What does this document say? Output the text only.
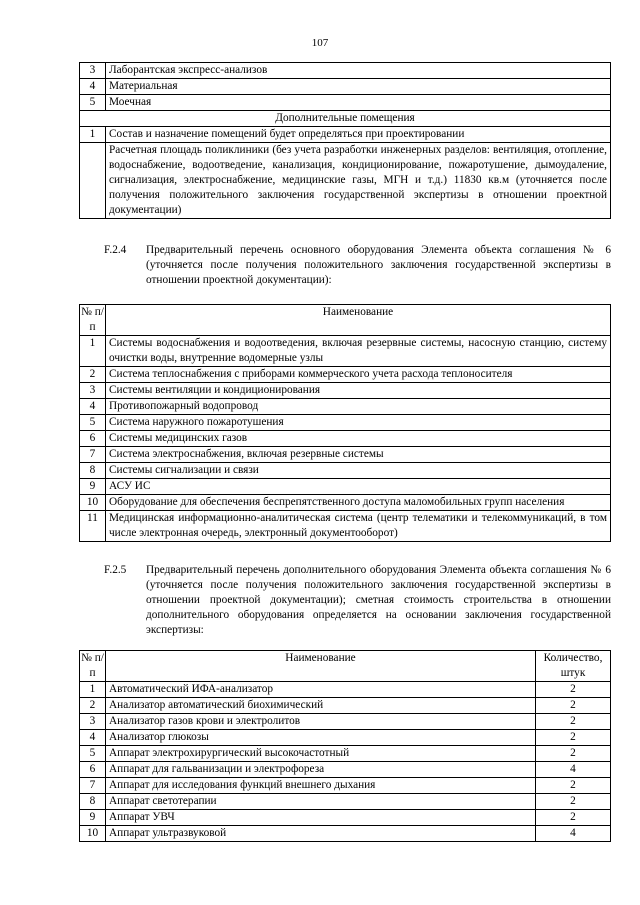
107
3	Лаборантская экспресс-анализов
4	Материальная
5	Моечная
Дополнительные помещения	
1	Состав и назначение помещений будет определяться при проектировании
	Расчетная площадь поликлиники (без учета разработки инженерных разделов: вентиляция, отопление, водоснабжение, водоотведение, канализация, кондиционирование, пожаротушение, дымоудаление, сигнализация, электроснабжение, медицинские газы, МГН и т.д.) 11830 кв.м (уточняется после получения положительного заключения государственной экспертизы в отношении проектной документации)
F.2.4 Предварительный перечень основного оборудования Элемента объекта соглашения № 6 (уточняется после получения положительного заключения государственной экспертизы в отношении проектной документации):
№ п/п	Наименование
1	Системы водоснабжения и водоотведения, включая резервные системы, насосную станцию, систему очистки воды, внутренние водомерные узлы
2	Система теплоснабжения с приборами коммерческого учета расхода теплоносителя
3	Системы вентиляции и кондиционирования
4	Противопожарный водопровод
5	Система наружного пожаротушения
6	Системы медицинских газов
7	Система электроснабжения, включая резервные системы
8	Системы сигнализации и связи
9	АСУ ИС
10	Оборудование для обеспечения беспрепятственного доступа маломобильных групп населения
11	Медицинская информационно-аналитическая система (центр телематики и телекоммуникаций, в том числе электронная очередь, электронный документооборот)
F.2.5 Предварительный перечень дополнительного оборудования Элемента объекта соглашения № 6 (уточняется после получения положительного заключения государственной экспертизы в отношении проектной документации); сметная стоимость строительства в отношении дополнительного оборудования определяется на основании заключения государственной экспертизы:
№ п/п	Наименование	Количество, штук
1	Автоматический ИФА-анализатор	2
2	Анализатор автоматический биохимический	2
3	Анализатор газов крови и электролитов	2
4	Анализатор глюкозы	2
5	Аппарат электрохирургический высокочастотный	2
6	Аппарат для гальванизации и электрофореза	4
7	Аппарат для исследования функций внешнего дыхания	2
8	Аппарат светотерапии	2
9	Аппарат УВЧ	2
10	Аппарат ультразвуковой	4
